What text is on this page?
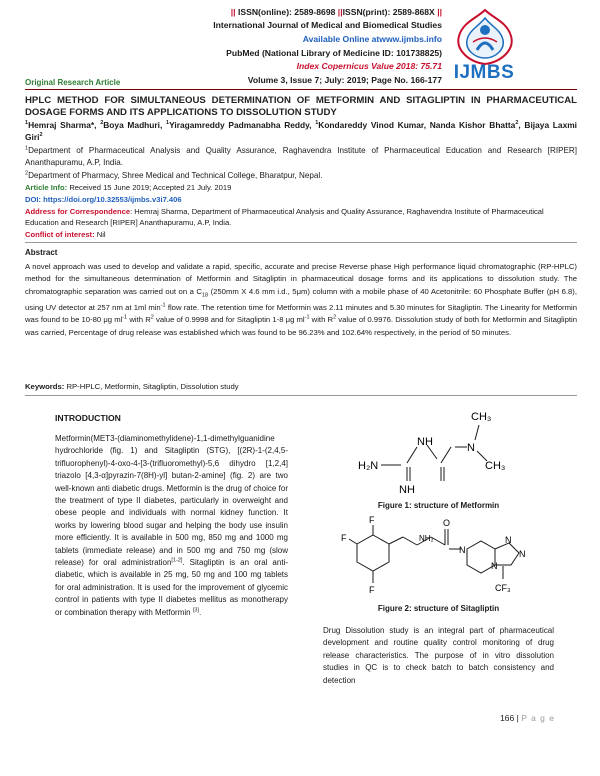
|| ISSN(online): 2589-8698 ||ISSN(print): 2589-868X ||
International Journal of Medical and Biomedical Studies
Available Online atwww.ijmbs.info
PubMed (National Library of Medicine ID: 101738825)
Index Copernicus Value 2018: 75.71
Original Research Article	Volume 3, Issue 7; July: 2019; Page No. 166-177 IJMBS
HPLC METHOD FOR SIMULTANEOUS DETERMINATION OF METFORMIN AND SITAGLIPTIN IN PHARMACEUTICAL DOSAGE FORMS AND ITS APPLICATIONS TO DISSOLUTION STUDY
$^1$Hemraj Sharma*, $^2$Boya Madhuri, $^1$Yiragamreddy Padmanabha Reddy, $^1$Kondareddy Vinod Kumar, Nanda Kishor Bhatta$^2$, Bijaya Laxmi Giri$^2$
$^1$Department of Pharmaceutical Analysis and Quality Assurance, Raghavendra Institute of Pharmaceutical Education and Research [RIPER] Ananthapuramu, A.P, India.
$^2$Department of Pharmacy, Shree Medical and Technical College, Bharatpur, Nepal.
Article Info: Received 15 June 2019; Accepted 21 July. 2019
DOI: https://doi.org/10.32553/ijmbs.v3i7.406
Address for Correspondence: Hemraj Sharma, Department of Pharmaceutical Analysis and Quality Assurance, Raghavendra Institute of Pharmaceutical Education and Research [RIPER] Ananthapuramu, A.P, India.
Conflict of interest: Nil
Abstract
A novel approach was used to develop and validate a rapid, specific, accurate and precise Reverse phase High performance liquid chromatographic (RP-HPLC) method for the simultaneous determination of Metformin and Sitagliptin in pharmaceutical dosage forms and its applications to dissolution study. The chromatographic separation was carried out on a $C_{18}$ (250mm X 4.6 mm i.d., 5μm) column with a mobile phase of 40 Acetonitrile: 60 Phosphate Buffer (pH 6.8), using UV detector at 257 nm at 1ml $\min^{-1}$ flow rate. The retention time for Metformin was 2.11 minutes and 5.30 minutes for Sitagliptin. The Linearity for Metformin was found to be 10-80 μg $ml^{-1}$ with $R^2$ value of 0.9998 and for Sitagliptin 1-8 μg $ml^{-1}$ with $R^2$ value of 0.9976. Dissolution study of both for Metformin and Sitagliptin was carried, Percentage of drug release was established which was found to be 96.23% and 102.64% respectively, in the period of 50 minutes.
Keywords: RP-HPLC, Metformin, Sitagliptin, Dissolution study
INTRODUCTION
Metformin(MET3-(diaminomethylidene)-1,1-dimethylguanidine hydrochloride (fig. 1) and Sitagliptin (STG), [(2R)-1-(2,4,5-trifluorophenyl)-4-oxo-4-[3-(trifluoromethyl)-5,6 dihydro [1,2,4] triazolo [4,3-α]pyrazin-7(8H)-yl] butan-2-amine] (fig. 2) are two well-known anti diabetic drugs. Metformin is the drug of choice for the treatment of type II diabetes, particularly in overweight and obese people and individuals with normal kidney function. It works by lowering blood sugar and helping the body use insulin more efficiently. It is available in 500 mg, 850 mg and 1000 mg tablets (immediate release) and in 500 mg and 750 mg (slow release) for oral administration[1-2]. Sitagliptin is an oral anti-diabetic, which is available in 25 mg, 50 mg and 100 mg tablets for oral administration. It is used for the improvement of glycemic control in patients with type II diabetes mellitus as monotherapy or combination therapy with Metformin [3].
H₂N
NH
NH
N
CH₃
CH₃
Figure 1: structure of Metformin
F
F
F
NH₂
O
N
N
N
N
CF₃
Figure 2: structure of Sitagliptin
Drug Dissolution study is an integral part of pharmaceutical development and routine quality control monitoring of drug release characteristics. The purpose of in vitro dissolution studies in QC is to check batch to batch consistency and detection
166 | P a g e
